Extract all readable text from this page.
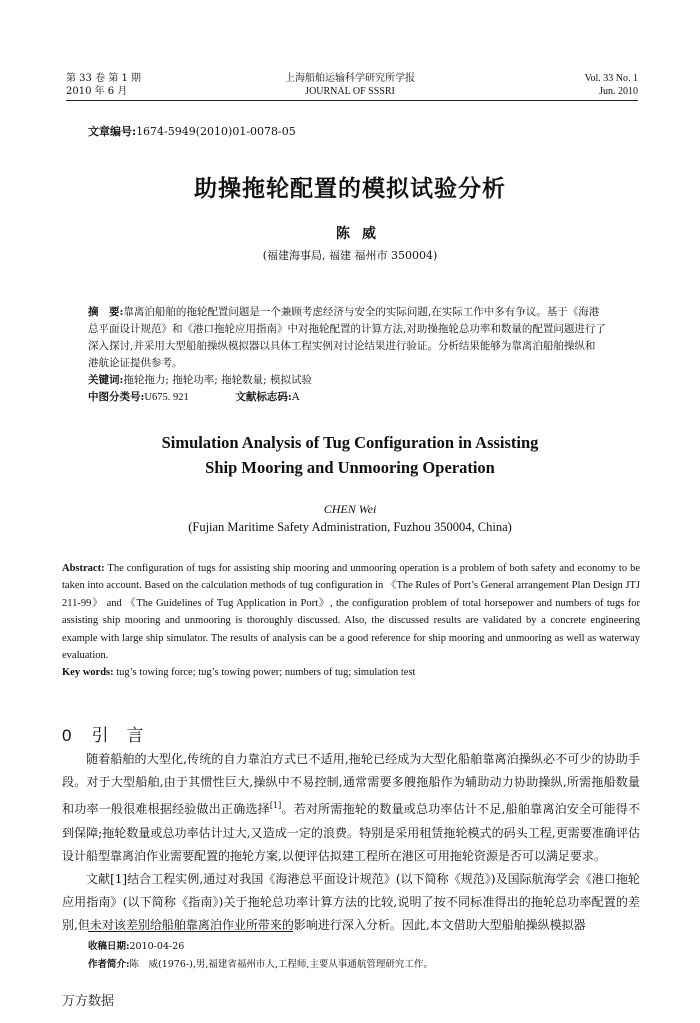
第 33 卷 第 1 期
2010 年 6 月
上海船舶运输科学研究所学报
JOURNAL OF SSSRI
Vol. 33 No. 1
Jun. 2010
文章编号:1674-5949(2010)01-0078-05
助操拖轮配置的模拟试验分析
陈威
(福建海事局, 福建 福州市 350004)
摘　要:靠离泊船舶的拖轮配置问题是一个兼顾考虑经济与安全的实际问题,在实际工作中多有争议。基于《海港
总平面设计规范》和《港口拖轮应用指南》中对拖轮配置的计算方法,对助操拖轮总功率和数量的配置问题进行了
深入探讨,并采用大型船舶操纵模拟器以具体工程实例对讨论结果进行验证。分析结果能够为靠离泊船舶操纵和
港航论证提供参考。
关键词:拖轮拖力; 拖轮功率; 拖轮数量; 模拟试验
中图分类号:U675. 921	文献标志码:A
Simulation Analysis of Tug Configuration in Assisting
Ship Mooring and Unmooring Operation
CHEN Wei
(Fujian Maritime Safety Administration, Fuzhou 350004, China)
Abstract: The configuration of tugs for assisting ship mooring and unmooring operation is a problem of both safety and economy to be taken into account. Based on the calculation methods of tug configuration in 《The Rules of Port’s General arrangement Plan Design JTJ 211-99》 and 《The Guidelines of Tug Application in Port》, the configuration problem of total horsepower and numbers of tugs for assisting ship mooring and unmooring is thoroughly discussed. Also, the discussed results are validated by a concrete engineering example with large ship simulator. The results of analysis can be a good reference for ship mooring and unmooring as well as waterway evaluation.
Key words: tug’s towing force; tug’s towing power; numbers of tug; simulation test
0 引言

随着船舶的大型化,传统的自力靠泊方式已不适用,拖轮已经成为大型化船舶靠离泊操纵必不可少的协助手段。对于大型船舶,由于其惯性巨大,操纵中不易控制,通常需要多艘拖船作为辅助动力协助操纵,所需拖船数量和功率一般很难根据经验做出正确选择[1]。若对所需拖轮的数量或总功率估计不足,船舶靠离泊安全可能得不到保障;拖轮数量或总功率估计过大,又造成一定的浪费。特别是采用租赁拖轮模式的码头工程,更需要准确评估设计船型靠离泊作业需要配置的拖轮方案,以便评估拟建工程所在港区可用拖轮资源是否可以满足要求。

文献[1]结合工程实例,通过对我国《海港总平面设计规范》(以下简称《规范》)及国际航海学会《港口拖轮应用指南》(以下简称《指南》)关于拖轮总功率计算方法的比较,说明了按不同标准得出的拖轮总功率配置的差别,但未对该差别给船舶靠离泊作业所带来的影响进行深入分析。因此,本文借助大型船舶操纵模拟器

收稿日期:2010-04-26
作者简介:陈　威(1976-),男,福建省福州市人,工程师,主要从事通航管理研究工作。
万方数据
